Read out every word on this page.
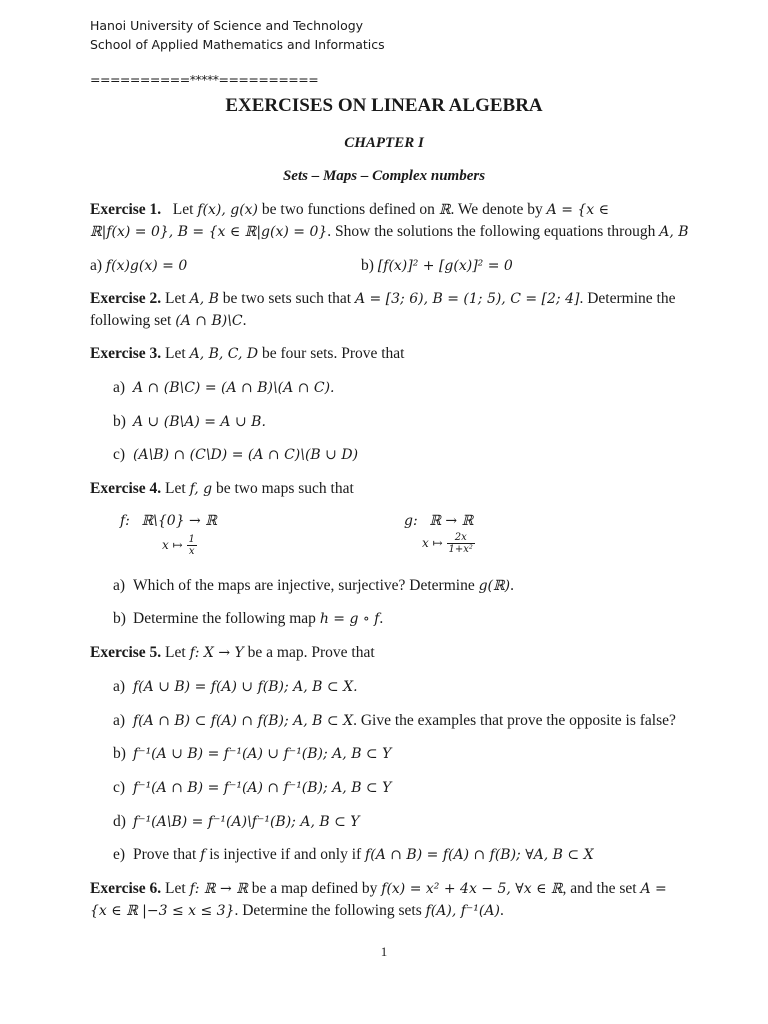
Hanoi University of Science and Technology
School of Applied Mathematics and Informatics
==========*****==========
EXERCISES ON LINEAR ALGEBRA
CHAPTER I
Sets – Maps – Complex numbers
Exercise 1. Let f(x), g(x) be two functions defined on ℝ. We denote by A = {x ∈
ℝ|f(x) = 0}, B = {x ∈ ℝ|g(x) = 0}. Show the solutions the following equations through A, B
a) f(x)g(x) = 0	b) [f(x)]² + [g(x)]² = 0
Exercise 2. Let A, B be two sets such that A = [3; 6), B = (1; 5), C = [2; 4]. Determine the
following set (A ∩ B)\C.
Exercise 3. Let A, B, C, D be four sets. Prove that
a) A ∩ (B\C) = (A ∩ B)\(A ∩ C).
b) A ∪ (B\A) = A ∪ B.
c) (A\B) ∩ (C\D) = (A ∩ C)\(B ∪ D)
Exercise 4. Let f, g be two maps such that
f: ℝ\{0} → ℝ
x ↦ $\frac{1}{x}$
g: ℝ → ℝ
x ↦ $\frac{2x}{\text{1+x²}}$
a) Which of the maps are injective, surjective? Determine g(ℝ).
b) Determine the following map h = g ∘ f.
Exercise 5. Let f: X → Y be a map. Prove that
a) f(A ∪ B) = f(A) ∪ f(B); A, B ⊂ X.
a) f(A ∩ B) ⊂ f(A) ∩ f(B); A, B ⊂ X. Give the examples that prove the opposite is false?
b) f⁻¹(A ∪ B) = f⁻¹(A) ∪ f⁻¹(B); A, B ⊂ Y
c) f⁻¹(A ∩ B) = f⁻¹(A) ∩ f⁻¹(B); A, B ⊂ Y
d) f⁻¹(A\B) = f⁻¹(A)\f⁻¹(B); A, B ⊂ Y
e) Prove that f is injective if and only if f(A ∩ B) = f(A) ∩ f(B); ∀A, B ⊂ X
Exercise 6. Let f: ℝ → ℝ be a map defined by f(x) = x² + 4x − 5, ∀x ∈ ℝ, and the set A =
{x ∈ ℝ |−3 ≤ x ≤ 3}. Determine the following sets f(A), f⁻¹(A).
1
